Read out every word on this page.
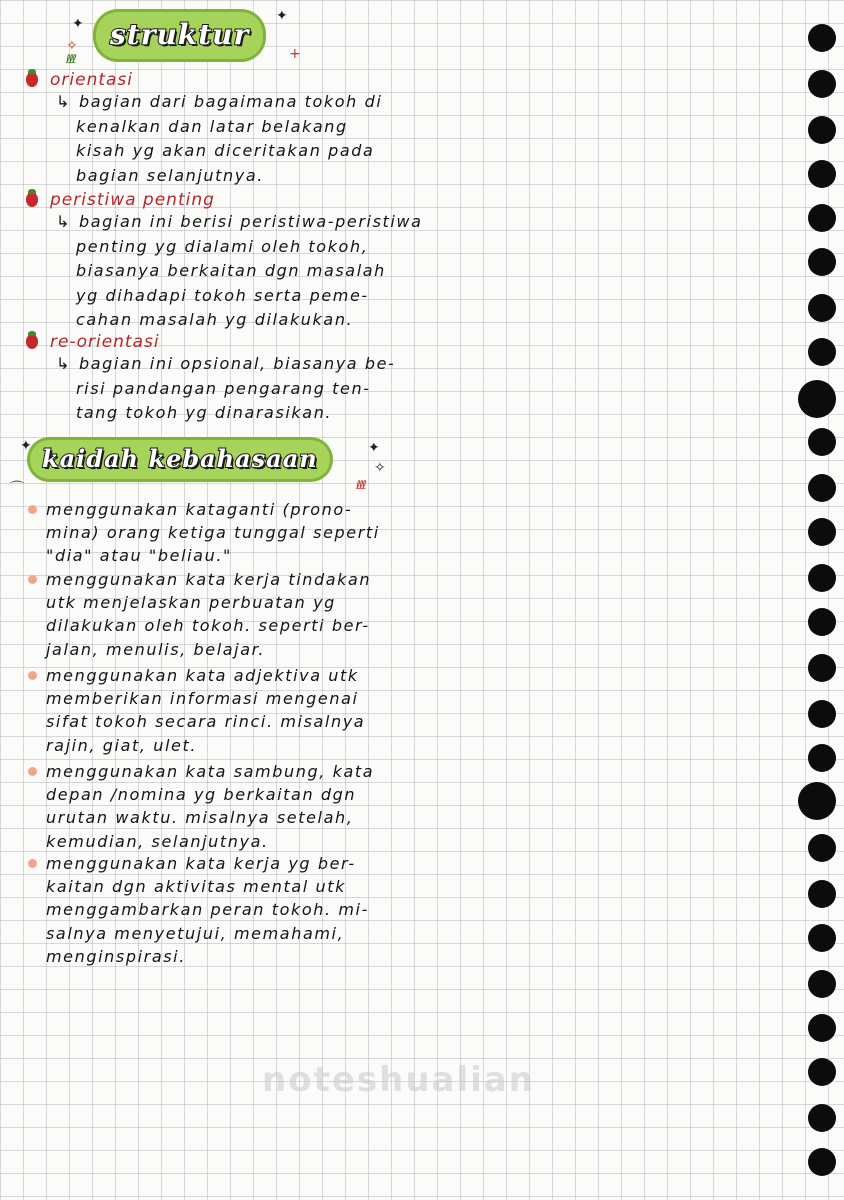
✦
✧
✦
+
ℓℓℓ
struktur
orientasi
↳ bagian dari bagaimana tokoh di
kenalkan dan latar belakang
kisah yg akan diceritakan pada
bagian selanjutnya.
peristiwa penting
↳ bagian ini berisi peristiwa-peristiwa
penting yg dialami oleh tokoh,
biasanya berkaitan dgn masalah
yg dihadapi tokoh serta peme-
cahan masalah yg dilakukan.
re-orientasi
↳ bagian ini opsional, biasanya be-
risi pandangan pengarang ten-
tang tokoh yg dinarasikan.
✦
⌒
✦
✧
ℓℓℓ
kaidah kebahasaan
menggunakan kataganti (prono-
mina) orang ketiga tunggal seperti
"dia" atau "beliau."
menggunakan kata kerja tindakan
utk menjelaskan perbuatan yg
dilakukan oleh tokoh. seperti ber-
jalan, menulis, belajar.
menggunakan kata adjektiva utk
memberikan informasi mengenai
sifat tokoh secara rinci. misalnya
rajin, giat, ulet.
menggunakan kata sambung, kata
depan /nomina yg berkaitan dgn
urutan waktu. misalnya setelah,
kemudian, selanjutnya.
menggunakan kata kerja yg ber-
kaitan dgn aktivitas mental utk
menggambarkan peran tokoh. mi-
salnya menyetujui, memahami,
menginspirasi.
noteshualian
